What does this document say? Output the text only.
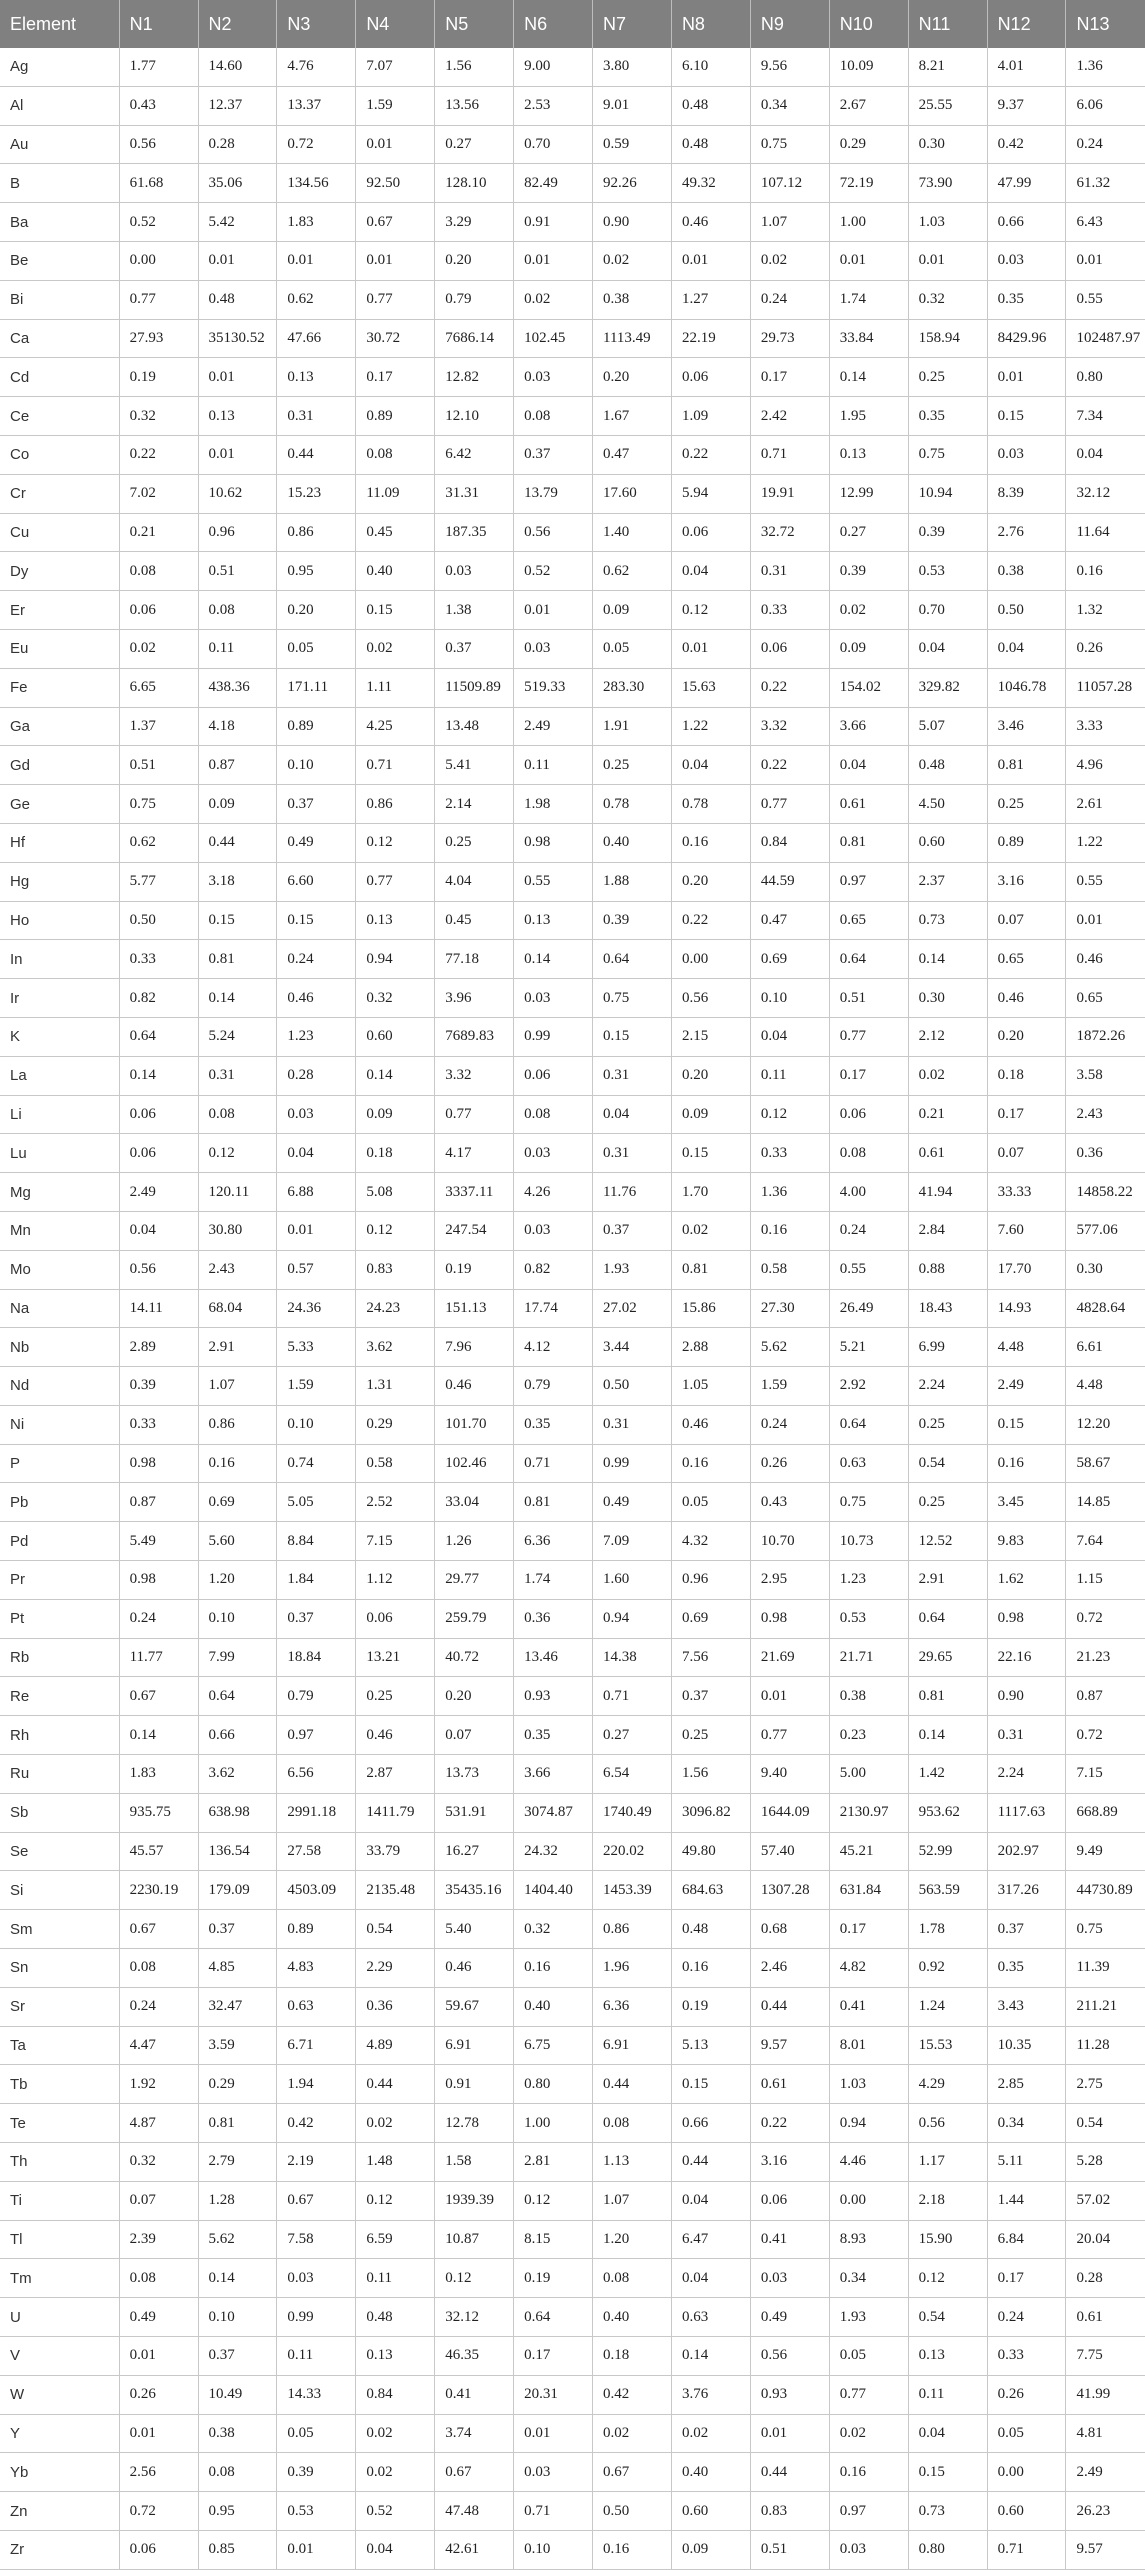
Element	N1	N2	N3	N4	N5	N6	N7	N8	N9	N10	N11	N12	N13
Ag	1.77	14.60	4.76	7.07	1.56	9.00	3.80	6.10	9.56	10.09	8.21	4.01	1.36
Al	0.43	12.37	13.37	1.59	13.56	2.53	9.01	0.48	0.34	2.67	25.55	9.37	6.06
Au	0.56	0.28	0.72	0.01	0.27	0.70	0.59	0.48	0.75	0.29	0.30	0.42	0.24
B	61.68	35.06	134.56	92.50	128.10	82.49	92.26	49.32	107.12	72.19	73.90	47.99	61.32
Ba	0.52	5.42	1.83	0.67	3.29	0.91	0.90	0.46	1.07	1.00	1.03	0.66	6.43
Be	0.00	0.01	0.01	0.01	0.20	0.01	0.02	0.01	0.02	0.01	0.01	0.03	0.01
Bi	0.77	0.48	0.62	0.77	0.79	0.02	0.38	1.27	0.24	1.74	0.32	0.35	0.55
Ca	27.93	35130.52	47.66	30.72	7686.14	102.45	1113.49	22.19	29.73	33.84	158.94	8429.96	102487.97
Cd	0.19	0.01	0.13	0.17	12.82	0.03	0.20	0.06	0.17	0.14	0.25	0.01	0.80
Ce	0.32	0.13	0.31	0.89	12.10	0.08	1.67	1.09	2.42	1.95	0.35	0.15	7.34
Co	0.22	0.01	0.44	0.08	6.42	0.37	0.47	0.22	0.71	0.13	0.75	0.03	0.04
Cr	7.02	10.62	15.23	11.09	31.31	13.79	17.60	5.94	19.91	12.99	10.94	8.39	32.12
Cu	0.21	0.96	0.86	0.45	187.35	0.56	1.40	0.06	32.72	0.27	0.39	2.76	11.64
Dy	0.08	0.51	0.95	0.40	0.03	0.52	0.62	0.04	0.31	0.39	0.53	0.38	0.16
Er	0.06	0.08	0.20	0.15	1.38	0.01	0.09	0.12	0.33	0.02	0.70	0.50	1.32
Eu	0.02	0.11	0.05	0.02	0.37	0.03	0.05	0.01	0.06	0.09	0.04	0.04	0.26
Fe	6.65	438.36	171.11	1.11	11509.89	519.33	283.30	15.63	0.22	154.02	329.82	1046.78	11057.28
Ga	1.37	4.18	0.89	4.25	13.48	2.49	1.91	1.22	3.32	3.66	5.07	3.46	3.33
Gd	0.51	0.87	0.10	0.71	5.41	0.11	0.25	0.04	0.22	0.04	0.48	0.81	4.96
Ge	0.75	0.09	0.37	0.86	2.14	1.98	0.78	0.78	0.77	0.61	4.50	0.25	2.61
Hf	0.62	0.44	0.49	0.12	0.25	0.98	0.40	0.16	0.84	0.81	0.60	0.89	1.22
Hg	5.77	3.18	6.60	0.77	4.04	0.55	1.88	0.20	44.59	0.97	2.37	3.16	0.55
Ho	0.50	0.15	0.15	0.13	0.45	0.13	0.39	0.22	0.47	0.65	0.73	0.07	0.01
In	0.33	0.81	0.24	0.94	77.18	0.14	0.64	0.00	0.69	0.64	0.14	0.65	0.46
Ir	0.82	0.14	0.46	0.32	3.96	0.03	0.75	0.56	0.10	0.51	0.30	0.46	0.65
K	0.64	5.24	1.23	0.60	7689.83	0.99	0.15	2.15	0.04	0.77	2.12	0.20	1872.26
La	0.14	0.31	0.28	0.14	3.32	0.06	0.31	0.20	0.11	0.17	0.02	0.18	3.58
Li	0.06	0.08	0.03	0.09	0.77	0.08	0.04	0.09	0.12	0.06	0.21	0.17	2.43
Lu	0.06	0.12	0.04	0.18	4.17	0.03	0.31	0.15	0.33	0.08	0.61	0.07	0.36
Mg	2.49	120.11	6.88	5.08	3337.11	4.26	11.76	1.70	1.36	4.00	41.94	33.33	14858.22
Mn	0.04	30.80	0.01	0.12	247.54	0.03	0.37	0.02	0.16	0.24	2.84	7.60	577.06
Mo	0.56	2.43	0.57	0.83	0.19	0.82	1.93	0.81	0.58	0.55	0.88	17.70	0.30
Na	14.11	68.04	24.36	24.23	151.13	17.74	27.02	15.86	27.30	26.49	18.43	14.93	4828.64
Nb	2.89	2.91	5.33	3.62	7.96	4.12	3.44	2.88	5.62	5.21	6.99	4.48	6.61
Nd	0.39	1.07	1.59	1.31	0.46	0.79	0.50	1.05	1.59	2.92	2.24	2.49	4.48
Ni	0.33	0.86	0.10	0.29	101.70	0.35	0.31	0.46	0.24	0.64	0.25	0.15	12.20
P	0.98	0.16	0.74	0.58	102.46	0.71	0.99	0.16	0.26	0.63	0.54	0.16	58.67
Pb	0.87	0.69	5.05	2.52	33.04	0.81	0.49	0.05	0.43	0.75	0.25	3.45	14.85
Pd	5.49	5.60	8.84	7.15	1.26	6.36	7.09	4.32	10.70	10.73	12.52	9.83	7.64
Pr	0.98	1.20	1.84	1.12	29.77	1.74	1.60	0.96	2.95	1.23	2.91	1.62	1.15
Pt	0.24	0.10	0.37	0.06	259.79	0.36	0.94	0.69	0.98	0.53	0.64	0.98	0.72
Rb	11.77	7.99	18.84	13.21	40.72	13.46	14.38	7.56	21.69	21.71	29.65	22.16	21.23
Re	0.67	0.64	0.79	0.25	0.20	0.93	0.71	0.37	0.01	0.38	0.81	0.90	0.87
Rh	0.14	0.66	0.97	0.46	0.07	0.35	0.27	0.25	0.77	0.23	0.14	0.31	0.72
Ru	1.83	3.62	6.56	2.87	13.73	3.66	6.54	1.56	9.40	5.00	1.42	2.24	7.15
Sb	935.75	638.98	2991.18	1411.79	531.91	3074.87	1740.49	3096.82	1644.09	2130.97	953.62	1117.63	668.89
Se	45.57	136.54	27.58	33.79	16.27	24.32	220.02	49.80	57.40	45.21	52.99	202.97	9.49
Si	2230.19	179.09	4503.09	2135.48	35435.16	1404.40	1453.39	684.63	1307.28	631.84	563.59	317.26	44730.89
Sm	0.67	0.37	0.89	0.54	5.40	0.32	0.86	0.48	0.68	0.17	1.78	0.37	0.75
Sn	0.08	4.85	4.83	2.29	0.46	0.16	1.96	0.16	2.46	4.82	0.92	0.35	11.39
Sr	0.24	32.47	0.63	0.36	59.67	0.40	6.36	0.19	0.44	0.41	1.24	3.43	211.21
Ta	4.47	3.59	6.71	4.89	6.91	6.75	6.91	5.13	9.57	8.01	15.53	10.35	11.28
Tb	1.92	0.29	1.94	0.44	0.91	0.80	0.44	0.15	0.61	1.03	4.29	2.85	2.75
Te	4.87	0.81	0.42	0.02	12.78	1.00	0.08	0.66	0.22	0.94	0.56	0.34	0.54
Th	0.32	2.79	2.19	1.48	1.58	2.81	1.13	0.44	3.16	4.46	1.17	5.11	5.28
Ti	0.07	1.28	0.67	0.12	1939.39	0.12	1.07	0.04	0.06	0.00	2.18	1.44	57.02
Tl	2.39	5.62	7.58	6.59	10.87	8.15	1.20	6.47	0.41	8.93	15.90	6.84	20.04
Tm	0.08	0.14	0.03	0.11	0.12	0.19	0.08	0.04	0.03	0.34	0.12	0.17	0.28
U	0.49	0.10	0.99	0.48	32.12	0.64	0.40	0.63	0.49	1.93	0.54	0.24	0.61
V	0.01	0.37	0.11	0.13	46.35	0.17	0.18	0.14	0.56	0.05	0.13	0.33	7.75
W	0.26	10.49	14.33	0.84	0.41	20.31	0.42	3.76	0.93	0.77	0.11	0.26	41.99
Y	0.01	0.38	0.05	0.02	3.74	0.01	0.02	0.02	0.01	0.02	0.04	0.05	4.81
Yb	2.56	0.08	0.39	0.02	0.67	0.03	0.67	0.40	0.44	0.16	0.15	0.00	2.49
Zn	0.72	0.95	0.53	0.52	47.48	0.71	0.50	0.60	0.83	0.97	0.73	0.60	26.23
Zr	0.06	0.85	0.01	0.04	42.61	0.10	0.16	0.09	0.51	0.03	0.80	0.71	9.57
